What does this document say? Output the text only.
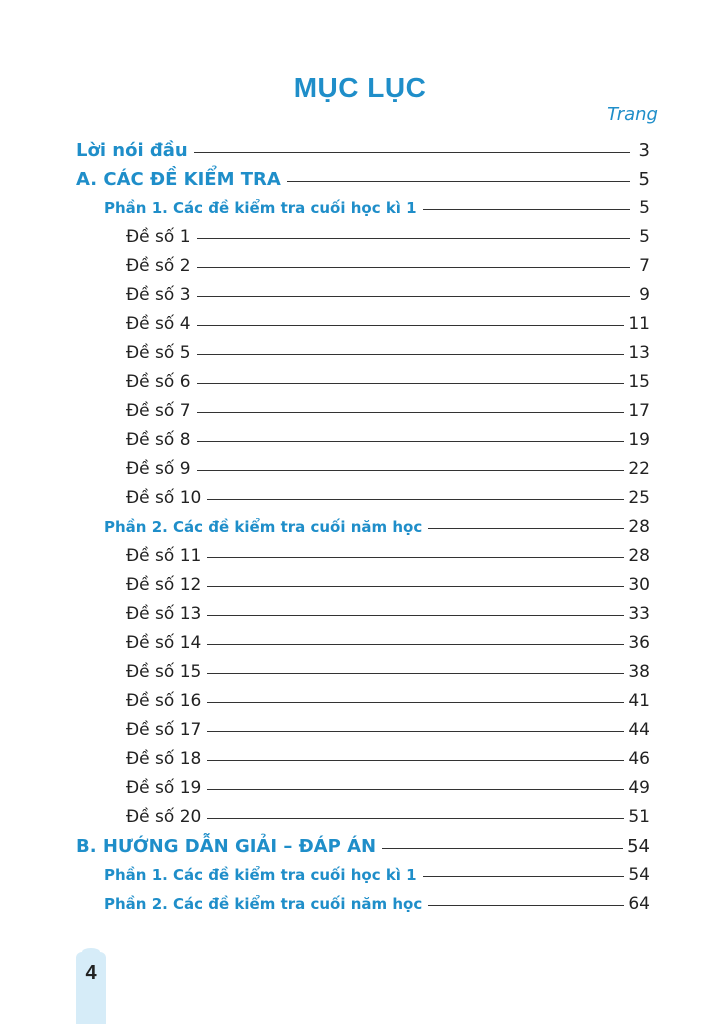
MỤC LỤC
Trang
Lời nói đầu	3
A. CÁC ĐỀ KIỂM TRA	5
Phần 1. Các đề kiểm tra cuối học kì 1	5
Đề số 1	5
Đề số 2	7
Đề số 3	9
Đề số 4	11
Đề số 5	13
Đề số 6	15
Đề số 7	17
Đề số 8	19
Đề số 9	22
Đề số 10	25
Phần 2. Các đề kiểm tra cuối năm học	28
Đề số 11	28
Đề số 12	30
Đề số 13	33
Đề số 14	36
Đề số 15	38
Đề số 16	41
Đề số 17	44
Đề số 18	46
Đề số 19	49
Đề số 20	51
B. HƯỚNG DẪN GIẢI – ĐÁP ÁN	54
Phần 1. Các đề kiểm tra cuối học kì 1	54
Phần 2. Các đề kiểm tra cuối năm học	64
4
